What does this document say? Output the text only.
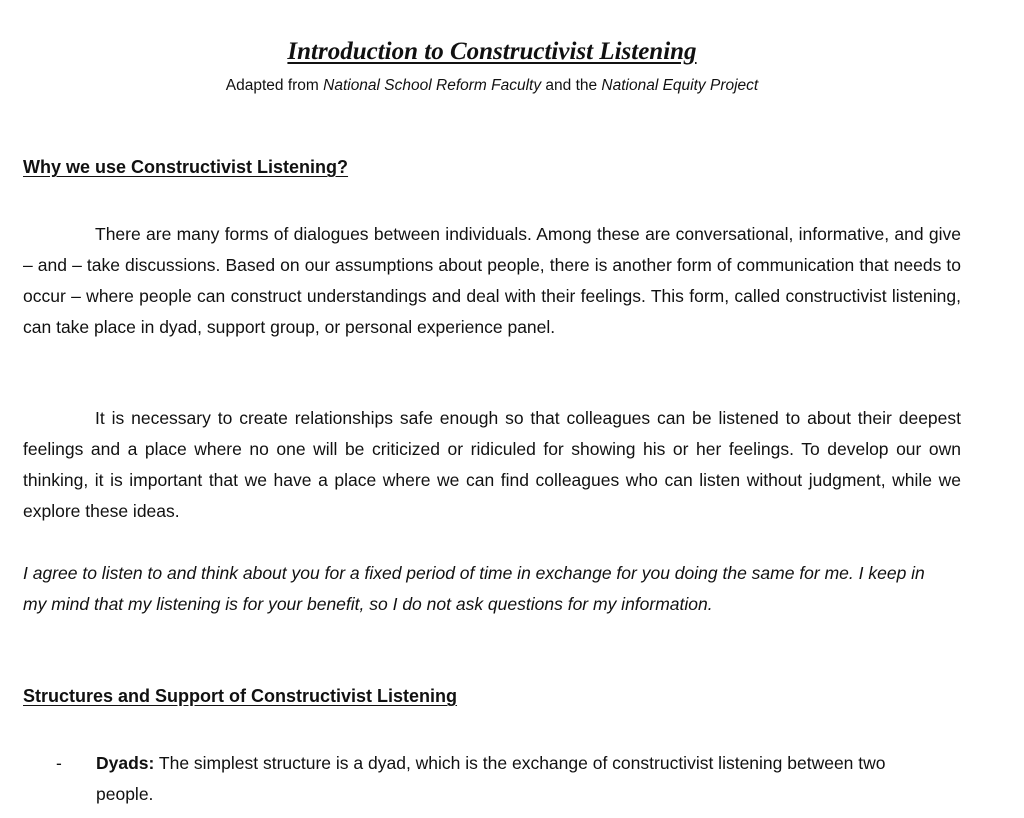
Introduction to Constructivist Listening
Adapted from National School Reform Faculty and the National Equity Project
Why we use Constructivist Listening?

There are many forms of dialogues between individuals. Among these are conversational, informative, and give – and – take discussions. Based on our assumptions about people, there is another form of communication that needs to occur – where people can construct understandings and deal with their feelings. This form, called constructivist listening, can take place in dyad, support group, or personal experience panel.

It is necessary to create relationships safe enough so that colleagues can be listened to about their deepest feelings and a place where no one will be criticized or ridiculed for showing his or her feelings. To develop our own thinking, it is important that we have a place where we can find colleagues who can listen without judgment, while we explore these ideas.

I agree to listen to and think about you for a fixed period of time in exchange for you doing the same for me. I keep in my mind that my listening is for your benefit, so I do not ask questions for my information.

Structures and Support of Constructivist Listening
- Dyads: The simplest structure is a dyad, which is the exchange of constructivist listening between two people.
